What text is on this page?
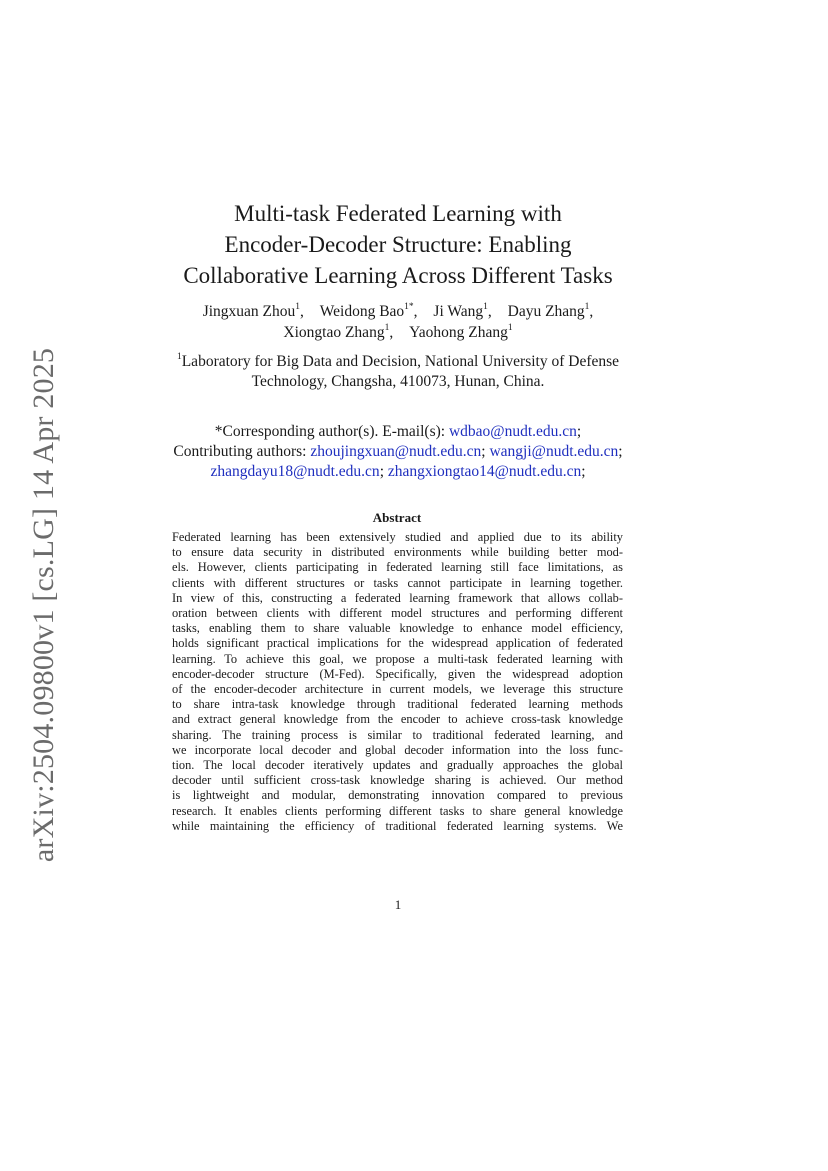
arXiv:2504.09800v1 [cs.LG] 14 Apr 2025
Multi-task Federated Learning with
Encoder-Decoder Structure: Enabling
Collaborative Learning Across Different Tasks
Jingxuan Zhou$^1$, Weidong Bao$^{1*}$, Ji Wang$^1$, Dayu Zhang$^1$,
Xiongtao Zhang$^1$, Yaohong Zhang$^1$
$^1$Laboratory for Big Data and Decision, National University of Defense
Technology, Changsha, 410073, Hunan, China.
*Corresponding author(s). E-mail(s): wdbao@nudt.edu.cn;
Contributing authors: zhoujingxuan@nudt.edu.cn; wangji@nudt.edu.cn;
zhangdayu18@nudt.edu.cn; zhangxiongtao14@nudt.edu.cn;
Abstract
Federated learning has been extensively studied and applied due to its ability
to ensure data security in distributed environments while building better mod-
els. However, clients participating in federated learning still face limitations, as
clients with different structures or tasks cannot participate in learning together.
In view of this, constructing a federated learning framework that allows collab-
oration between clients with different model structures and performing different
tasks, enabling them to share valuable knowledge to enhance model efficiency,
holds significant practical implications for the widespread application of federated
learning. To achieve this goal, we propose a multi-task federated learning with
encoder-decoder structure (M-Fed). Specifically, given the widespread adoption
of the encoder-decoder architecture in current models, we leverage this structure
to share intra-task knowledge through traditional federated learning methods
and extract general knowledge from the encoder to achieve cross-task knowledge
sharing. The training process is similar to traditional federated learning, and
we incorporate local decoder and global decoder information into the loss func-
tion. The local decoder iteratively updates and gradually approaches the global
decoder until sufficient cross-task knowledge sharing is achieved. Our method
is lightweight and modular, demonstrating innovation compared to previous
research. It enables clients performing different tasks to share general knowledge
while maintaining the efficiency of traditional federated learning systems. We
1
